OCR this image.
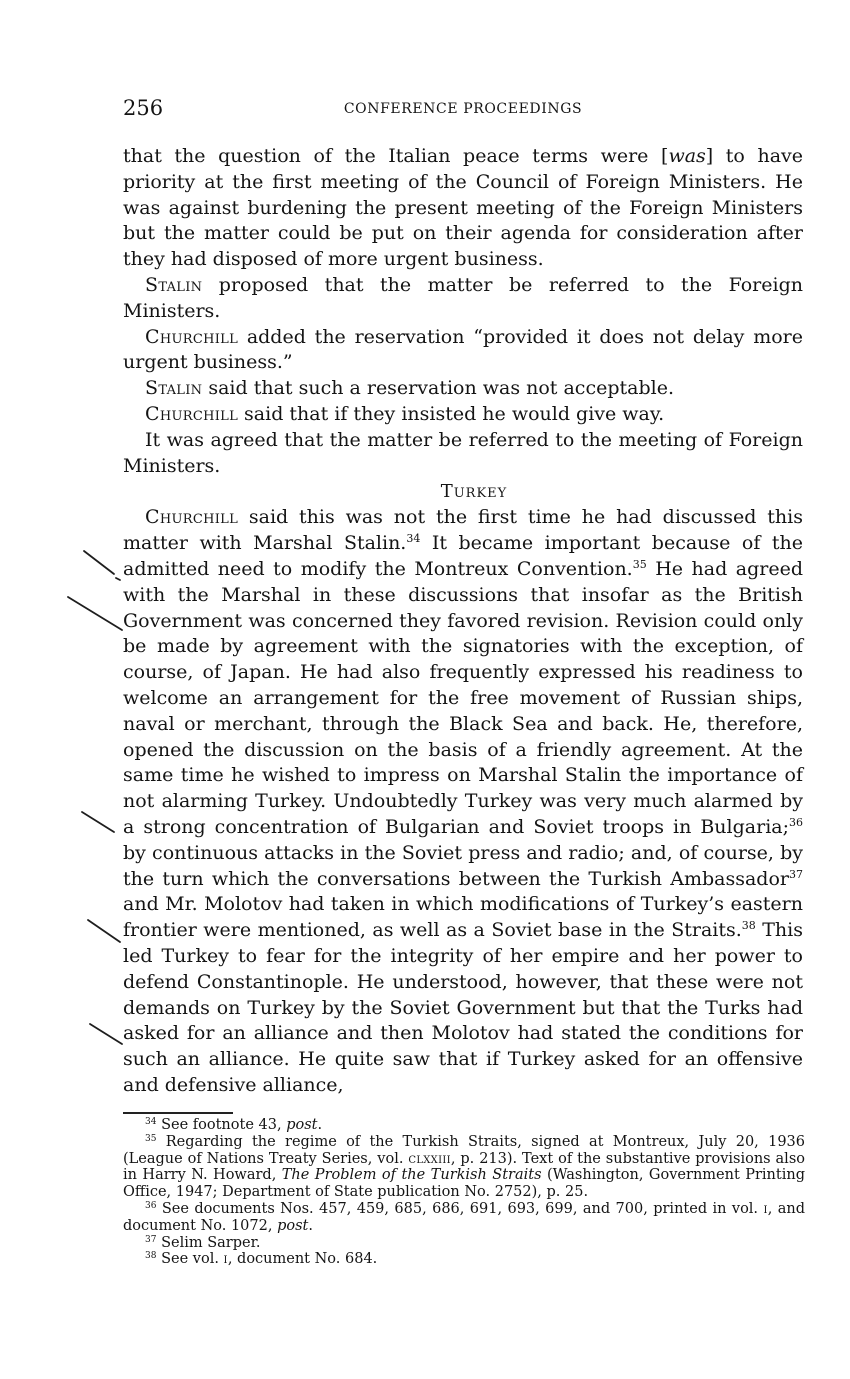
256	CONFERENCE PROCEEDINGS

that the question of the Italian peace terms were [was] to have priority at the first meeting of the Council of Foreign Ministers. He was against burdening the present meeting of the Foreign Ministers but the matter could be put on their agenda for consideration after they had disposed of more urgent business.

Stalin proposed that the matter be referred to the Foreign Ministers.

Churchill added the reservation “provided it does not delay more urgent business.”

Stalin said that such a reservation was not acceptable.

Churchill said that if they insisted he would give way.

It was agreed that the matter be referred to the meeting of Foreign Ministers.

Turkey

Churchill said this was not the first time he had discussed this matter with Marshal Stalin.$^{34}$ It became important because of the admitted need to modify the Montreux Convention.$^{35}$ He had agreed with the Marshal in these discussions that insofar as the British Government was concerned they favored revision. Revision could only be made by agreement with the signatories with the exception, of course, of Japan. He had also frequently expressed his readiness to welcome an arrangement for the free movement of Russian ships, naval or merchant, through the Black Sea and back. He, therefore, opened the discussion on the basis of a friendly agreement. At the same time he wished to impress on Marshal Stalin the importance of not alarming Turkey. Undoubtedly Turkey was very much alarmed by a strong concentration of Bulgarian and Soviet troops in Bulgaria;$^{36}$ by continuous attacks in the Soviet press and radio; and, of course, by the turn which the conversations between the Turkish Ambassador$^{37}$ and Mr. Molotov had taken in which modifications of Turkey’s eastern frontier were mentioned, as well as a Soviet base in the Straits.$^{38}$ This led Turkey to fear for the integrity of her empire and her power to defend Constantinople. He understood, however, that these were not demands on Turkey by the Soviet Government but that the Turks had asked for an alliance and then Molotov had stated the conditions for such an alliance. He quite saw that if Turkey asked for an offensive and defensive alliance,

$^{34}$ See footnote 43, post.

$^{35}$ Regarding the regime of the Turkish Straits, signed at Montreux, July 20, 1936 (League of Nations Treaty Series, vol. clxxiii, p. 213). Text of the substantive provisions also in Harry N. Howard, The Problem of the Turkish Straits (Washington, Government Printing Office, 1947; Department of State publication No. 2752), p. 25.

$^{36}$ See documents Nos. 457, 459, 685, 686, 691, 693, 699, and 700, printed in vol. i, and document No. 1072, post.

$^{37}$ Selim Sarper.

$^{38}$ See vol. i, document No. 684.
